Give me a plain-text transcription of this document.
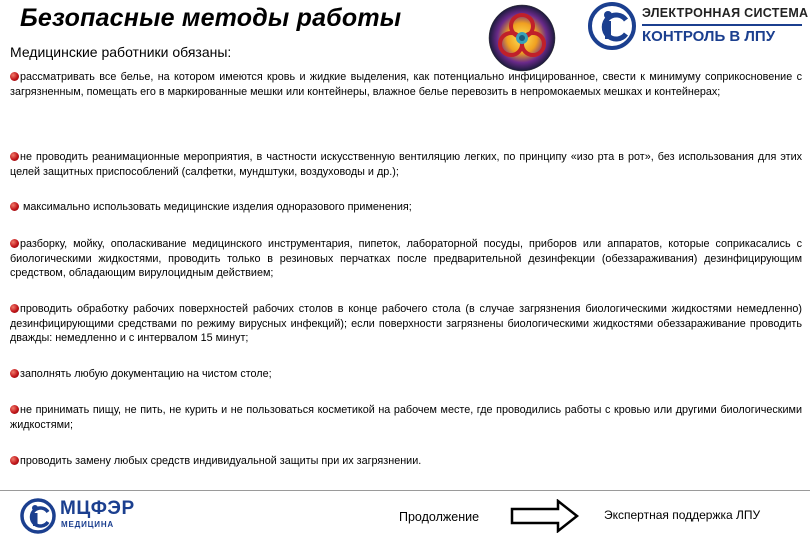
Безопасные методы работы	ЭЛЕКТРОННАЯ СИСТЕМА
КОНТРОЛЬ В ЛПУ
Медицинские работники обязаны:
рассматривать все белье, на котором имеются кровь и жидкие выделения, как потенциально инфицированное, свести к минимуму соприкосновение с загрязненным, помещать его в маркированные мешки или контейнеры, влажное белье перевозить в непромокаемых мешках и контейнерах;
не проводить реанимационные мероприятия, в частности искусственную вентиляцию легких, по принципу «изо рта в рот», без использования для этих целей защитных приспособлений (салфетки, мундштуки, воздуховоды и др.);
максимально использовать медицинские изделия одноразового применения;
разборку, мойку, ополаскивание медицинского инструментария, пипеток, лабораторной посуды, приборов или аппаратов, которые соприкасались с биологическими жидкостями, проводить только в резиновых перчатках после предварительной дезинфекции (обеззараживания) дезинфицирующим средством, обладающим вирулоцидным действием;
проводить обработку рабочих поверхностей рабочих столов в конце рабочего стола (в случае загрязнения биологическими жидкостями немедленно) дезинфицирующими средствами по режиму вирусных инфекций); если поверхности загрязнены биологическими жидкостями обеззараживание проводить дважды: немедленно и с интервалом 15 минут;
заполнять любую документацию на чистом столе;
не принимать пищу, не пить, не курить и не пользоваться косметикой на рабочем месте, где проводились работы с кровью или другими биологическими жидкостями;
проводить замену любых средств индивидуальной защиты при их загрязнении.
МЦФЭР
МЕДИЦИНА
Продолжение	Экспертная поддержка ЛПУ
